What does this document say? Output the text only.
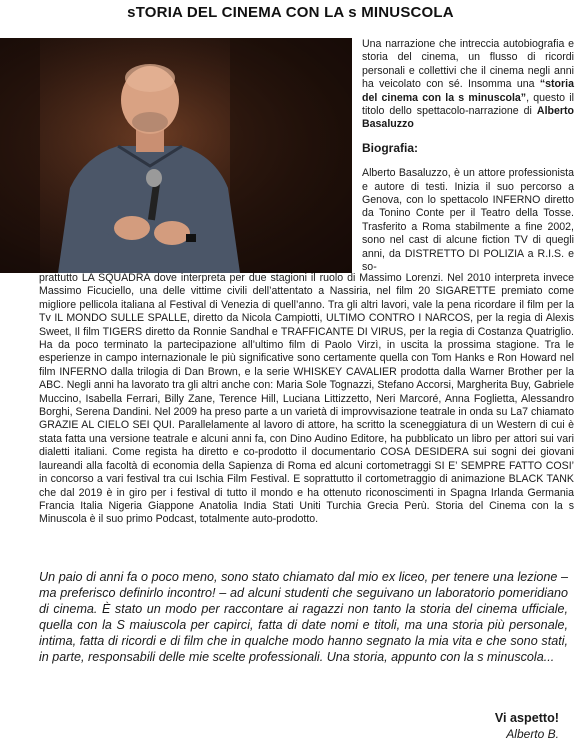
sTORIA DEL CINEMA CON LA s MINUSCOLA

Una narrazione che intreccia autobiografia e storia del cinema, un flusso di ricordi personali e collettivi che il cinema negli anni ha veicolato con sé. Insomma una “storia del cinema con la s minuscola”, questo il titolo dello spettacolo-narrazione di Alberto Basaluzzo

Biografia:

Alberto Basaluzzo, è un attore professionista e autore di testi. Inizia il suo percorso a Genova, con lo spettacolo INFERNO diretto da Tonino Conte per il Teatro della Tosse. Trasferito a Roma stabilmente a fine 2002, sono nel cast di alcune fiction TV di quegli anni, da DISTRETTO DI POLIZIA a R.I.S. e so-

prattutto LA SQUADRA dove interpreta per due stagioni il ruolo di Massimo Lorenzi. Nel 2010 interpreta invece Massimo Ficuciello, una delle vittime civili dell’attentato a Nassiria, nel film 20 SIGARETTE premiato come migliore pellicola italiana al Festival di Venezia di quell’anno. Tra gli altri lavori, vale la pena ricordare il film per la Tv IL MONDO SULLE SPALLE, diretto da Nicola Campiotti, ULTIMO CONTRO I NARCOS, per la regia di Alexis Sweet, Il film TIGERS diretto da Ronnie Sandhal e TRAFFICANTE DI VIRUS, per la regia di Costanza Quatriglio. Ha da poco terminato la partecipazione all’ultimo film di Paolo Virzì, in uscita la prossima stagione. Tra le esperienze in campo internazionale le più significative sono certamente quella con Tom Hanks e Ron Howard nel film INFERNO dalla trilogia di Dan Brown, e la serie WHISKEY CAVALIER prodotta dalla Warner Brother per la ABC. Negli anni ha lavorato tra gli altri anche con: Maria Sole Tognazzi, Stefano Accorsi, Margherita Buy, Gabriele Muccino, Isabella Ferrari, Billy Zane, Terence Hill, Luciana Littizzetto, Neri Marcoré, Anna Foglietta, Alessandro Borghi, Serena Dandini. Nel 2009 ha preso parte a un varietà di improvvisazione teatrale in onda su La7 chiamato GRAZIE AL CIELO SEI QUI. Parallelamente al lavoro di attore, ha scritto la sceneggiatura di un Western di cui è stata fatta una versione teatrale e alcuni anni fa, con Dino Audino Editore, ha pubblicato un libro per attori sui vari dialetti italiani. Come regista ha diretto e co-prodotto il documentario COSA DESIDERA sui sogni dei giovani laureandi alla facoltà di economia della Sapienza di Roma ed alcuni cortometraggi SI E’ SEMPRE FATTO COSI’ in concorso a vari festival tra cui Ischia Film Festival. E soprattutto il cortometraggio di animazione BLACK TANK che dal 2019 è in giro per i festival di tutto il mondo e ha ottenuto riconoscimenti in Spagna Irlanda Germania Francia Italia Nigeria Giappone Anatolia India Stati Uniti Turchia Grecia Perù. Storia del Cinema con la s Minuscola è il suo primo Podcast, totalmente auto-prodotto.

Un paio di anni fa o poco meno, sono stato chiamato dal mio ex liceo, per tenere una lezione – ma preferisco definirlo incontro! – ad alcuni studenti che seguivano un laboratorio pomeridiano di cinema. È stato un modo per raccontare ai ragazzi non tanto la storia del cinema ufficiale, quella con la S maiuscola per capirci, fatta di date nomi e titoli, ma una storia più personale, intima, fatta di ricordi e di film che in qualche modo hanno segnato la mia vita e che sono stati, in parte, responsabili delle mie scelte professionali. Una storia, appunto con la s minuscola...

Vi aspetto!
Alberto B.
